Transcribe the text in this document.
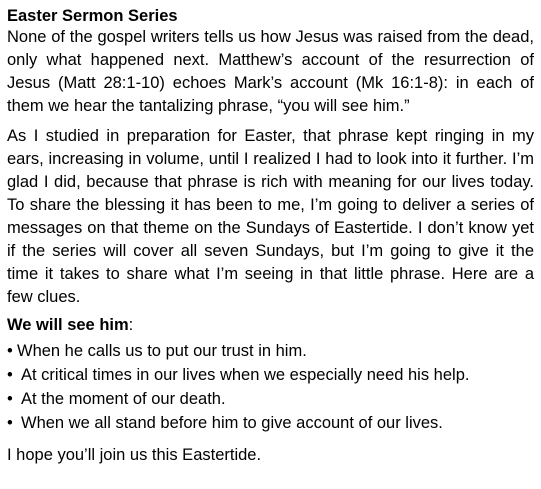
Easter Sermon Series

None of the gospel writers tells us how Jesus was raised from the dead, only what happened next. Matthew’s account of the resurrection of Jesus (Matt 28:1-10) echoes Mark’s account (Mk 16:1-8): in each of them we hear the tantalizing phrase, “you will see him.”

As I studied in preparation for Easter, that phrase kept ringing in my ears, increasing in volume, until I realized I had to look into it further. I’m glad I did, because that phrase is rich with meaning for our lives today. To share the blessing it has been to me, I’m going to deliver a series of messages on that theme on the Sundays of Eastertide. I don’t know yet if the series will cover all seven Sundays, but I’m going to give it the time it takes to share what I’m seeing in that little phrase. Here are a few clues.

We will see him:

• When he calls us to put our trust in him.
• At critical times in our lives when we especially need his help.
• At the moment of our death.
• When we all stand before him to give account of our lives.

I hope you’ll join us this Eastertide.
